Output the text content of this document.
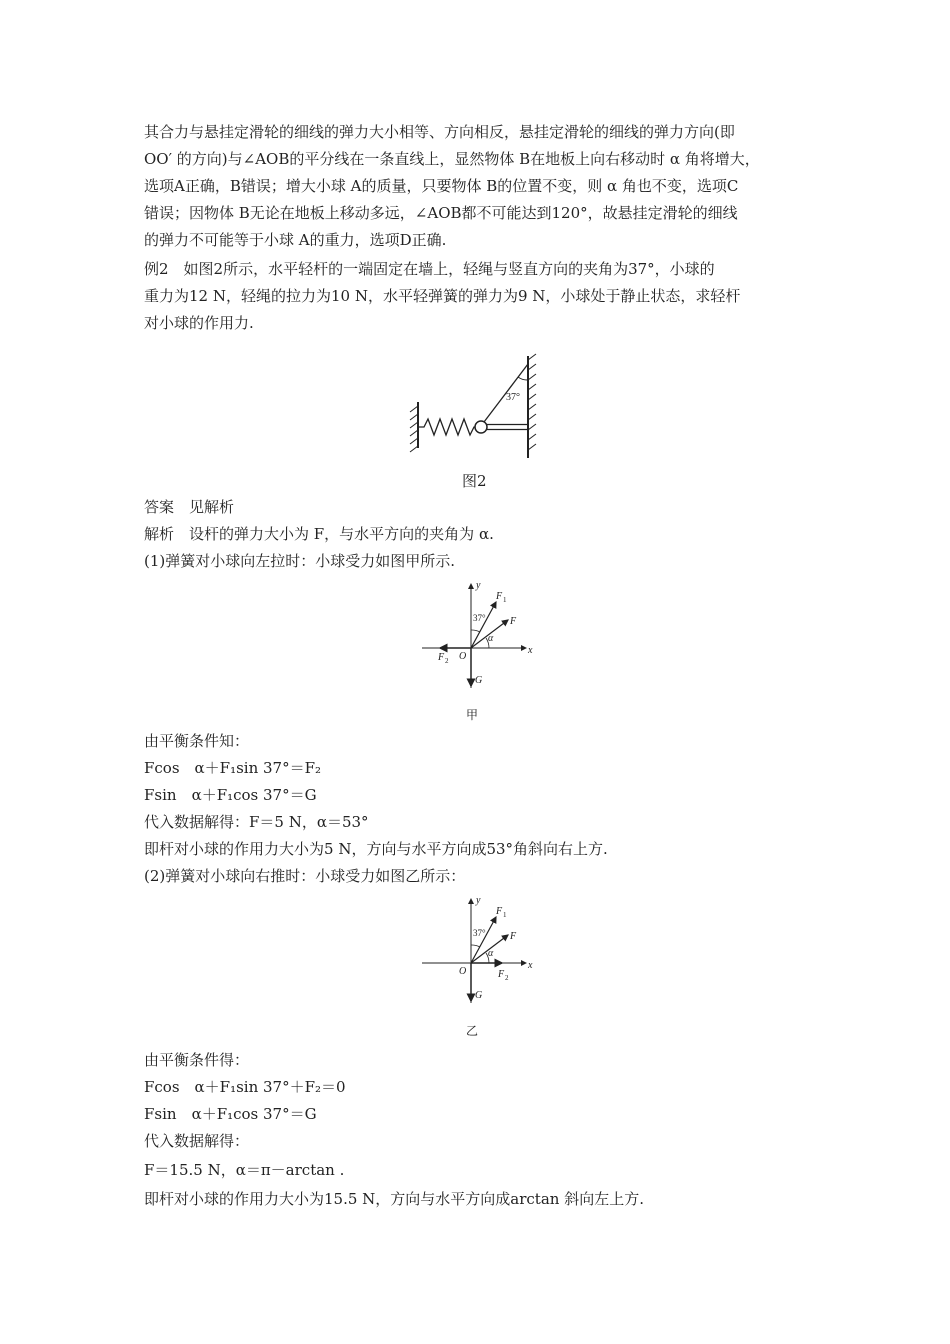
其合力与悬挂定滑轮的细线的弹力大小相等、方向相反，悬挂定滑轮的细线的弹力方向(即
OO′ 的方向)与∠AOB的平分线在一条直线上，显然物体 B在地板上向右移动时 α 角将增大，
选项A正确，B错误；增大小球 A的质量，只要物体 B的位置不变，则 α 角也不变，选项C
错误；因物体 B无论在地板上移动多远，∠AOB都不可能达到120°，故悬挂定滑轮的细线
的弹力不可能等于小球 A的重力，选项D正确.
例2　如图2所示，水平轻杆的一端固定在墙上，轻绳与竖直方向的夹角为37°，小球的
重力为12 N，轻绳的拉力为10 N，水平轻弹簧的弹力为9 N，小球处于静止状态，求轻杆
对小球的作用力.
37°
图2
答案　见解析
解析　设杆的弹力大小为 F，与水平方向的夹角为 α.
(1)弹簧对小球向左拉时：小球受力如图甲所示.
y
x
O
F 1
F
F 2
G
37°
α
甲
由平衡条件知：
Fcos　α＋F₁sin 37°＝F₂
Fsin　α＋F₁cos 37°＝G
代入数据解得：F＝5 N，α＝53°
即杆对小球的作用力大小为5 N，方向与水平方向成53°角斜向右上方.
(2)弹簧对小球向右推时：小球受力如图乙所示：
y
x
O
F 1
F
F 2
G
37°
α
乙
由平衡条件得：
Fcos　α＋F₁sin 37°＋F₂＝0
Fsin　α＋F₁cos 37°＝G
代入数据解得：
F＝15.5 N，α＝π－arctan .
即杆对小球的作用力大小为15.5 N，方向与水平方向成arctan 斜向左上方.
